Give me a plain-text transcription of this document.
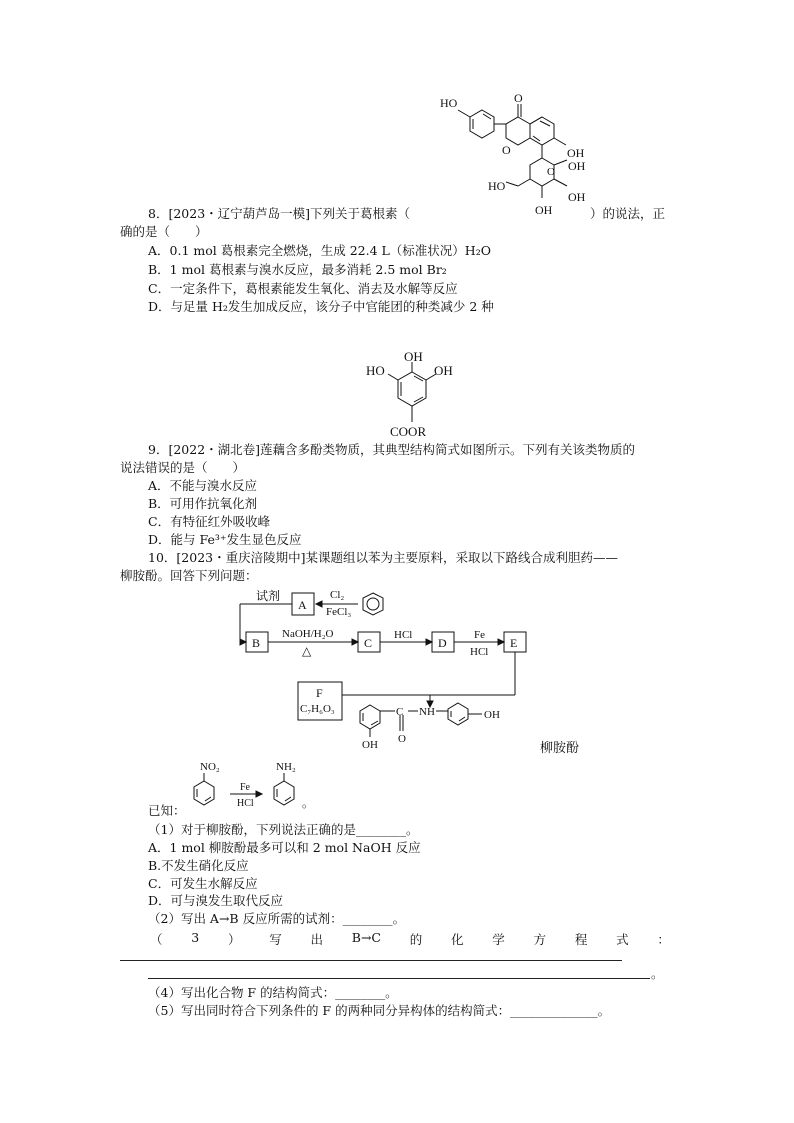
HO	O
O	OH
OH
HO
OH
OH
O
8．[2023・辽宁葫芦岛一模]下列关于葛根素（	）的说法，正
确的是（　　）
A．0.1 mol 葛根素完全燃烧，生成 22.4 L（标准状况）H₂O
B．1 mol 葛根素与溴水反应，最多消耗 2.5 mol Br₂
C．一定条件下，葛根素能发生氧化、消去及水解等反应
D．与足量 H₂发生加成反应，该分子中官能团的种类减少 2 种
OH
HO	OH
COOR
9．[2022・湖北卷]莲藕含多酚类物质，其典型结构简式如图所示。下列有关该类物质的
说法错误的是（　　）
A．不能与溴水反应
B．可用作抗氧化剂
C．有特征红外吸收峰
D．能与 Fe³⁺发生显色反应
10．[2023・重庆涪陵期中]某课题组以苯为主要原料，采取以下路线合成利胆药——
柳胺酚。回答下列问题：
试剂
A
Cl₂
FeCl₃
B
NaOH/H₂O
△
C
HCl
D
Fe
HCl
E
F
C₇H₆O₃	C NH	OH
O
OH	柳胺酚
NO₂
Fe
HCl
NH₂
。
已知：
（1）对于柳胺酚，下列说法正确的是________。
A．1 mol 柳胺酚最多可以和 2 mol NaOH 反应
B.不发生硝化反应
C．可发生水解反应
D．可与溴发生取代反应
（2）写出 A→B 反应所需的试剂：________。
（ 3 ） 写 出 B→C 的 化 学 方 程 式 ：
。
（4）写出化合物 F 的结构简式：________。
（5）写出同时符合下列条件的 F 的两种同分异构体的结构简式：______________。
